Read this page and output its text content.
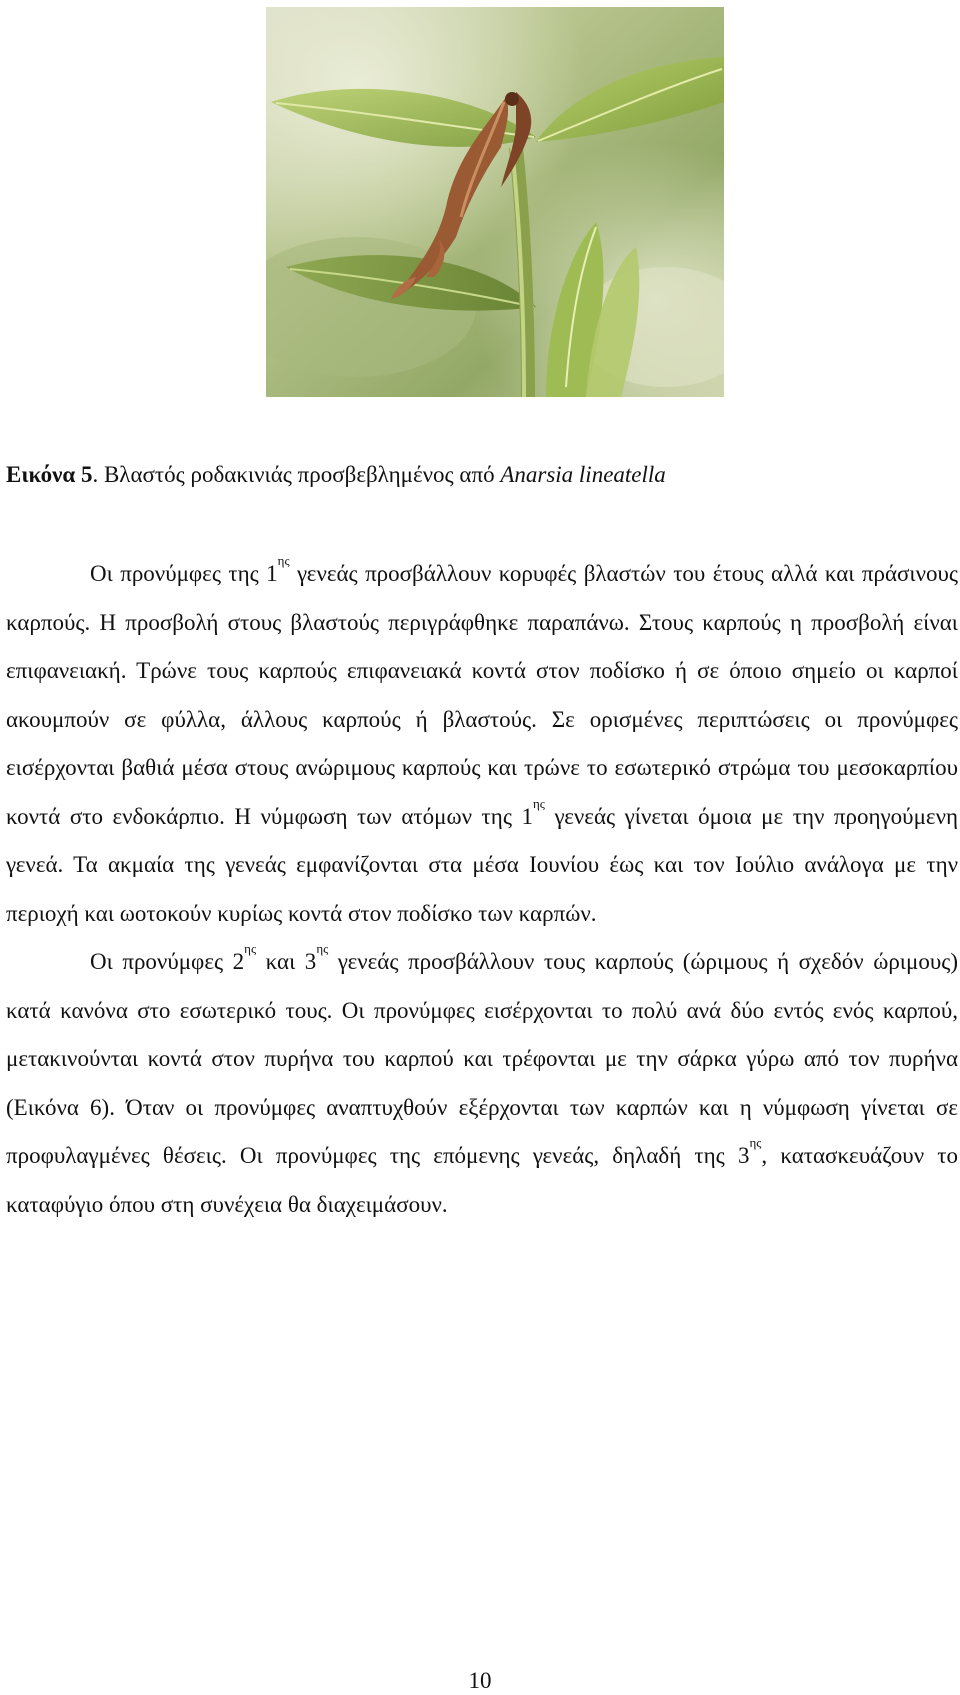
Εικόνα 5. Βλαστός ροδακινιάς προσβεβλημένος από Anarsia lineatella

Οι προνύμφες της $1^{\eta\varsigma}$ γενεάς προσβάλλουν κορυφές βλαστών του έτους αλλά και πράσινους καρπούς. Η προσβολή στους βλαστούς περιγράφθηκε παραπάνω. Στους καρπούς η προσβολή είναι επιφανειακή. Τρώνε τους καρπούς επιφανειακά κοντά στον ποδίσκο ή σε όποιο σημείο οι καρποί ακουμπούν σε φύλλα, άλλους καρπούς ή βλαστούς. Σε ορισμένες περιπτώσεις οι προνύμφες εισέρχονται βαθιά μέσα στους ανώριμους καρπούς και τρώνε το εσωτερικό στρώμα του μεσοκαρπίου κοντά στο ενδοκάρπιο. Η νύμφωση των ατόμων της $1^{\eta\varsigma}$ γενεάς γίνεται όμοια με την προηγούμενη γενεά. Τα ακμαία της γενεάς εμφανίζονται στα μέσα Ιουνίου έως και τον Ιούλιο ανάλογα με την περιοχή και ωοτοκούν κυρίως κοντά στον ποδίσκο των καρπών.

Οι προνύμφες $2^{\eta\varsigma}$ και $3^{\eta\varsigma}$ γενεάς προσβάλλουν τους καρπούς (ώριμους ή σχεδόν ώριμους) κατά κανόνα στο εσωτερικό τους. Οι προνύμφες εισέρχονται το πολύ ανά δύο εντός ενός καρπού, μετακινούνται κοντά στον πυρήνα του καρπού και τρέφονται με την σάρκα γύρω από τον πυρήνα (Εικόνα 6). Όταν οι προνύμφες αναπτυχθούν εξέρχονται των καρπών και η νύμφωση γίνεται σε προφυλαγμένες θέσεις. Οι προνύμφες της επόμενης γενεάς, δηλαδή της $3^{\eta\varsigma}$, κατασκευάζουν το καταφύγιο όπου στη συνέχεια θα διαχειμάσουν.

10
